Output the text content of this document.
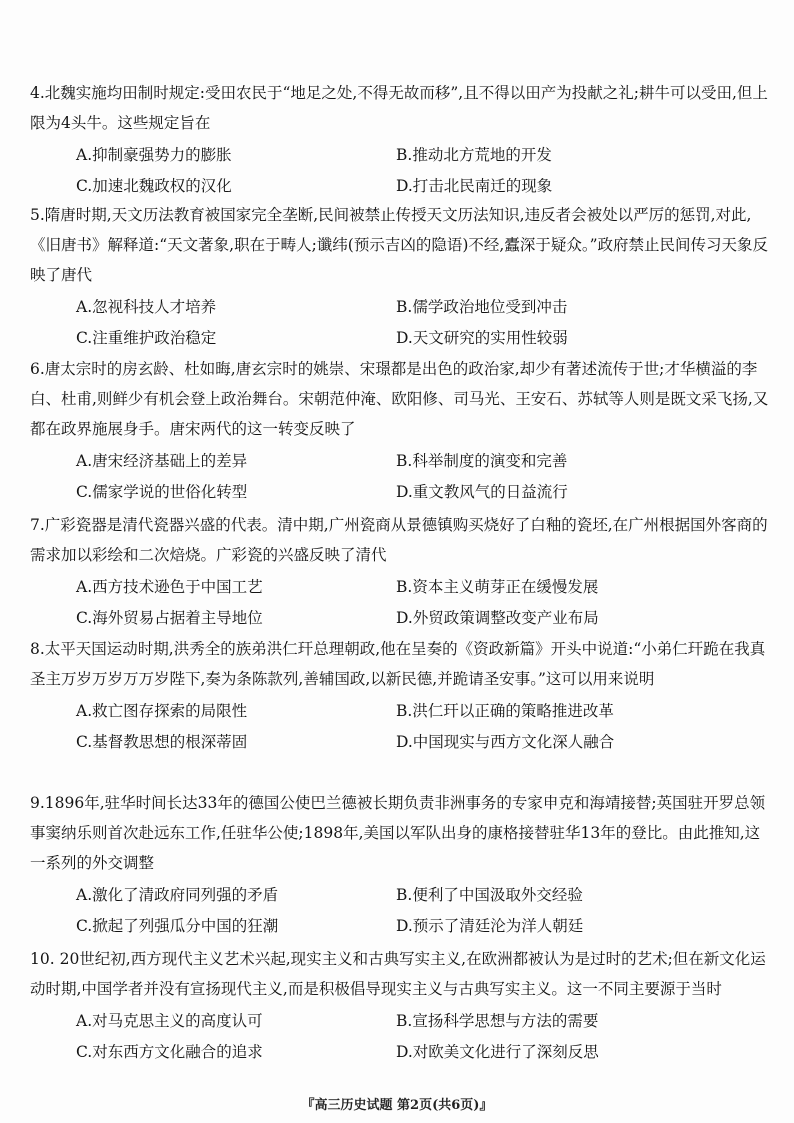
4.北魏实施均田制时规定:受田农民于“地足之处,不得无故而移”,且不得以田产为投献之礼;耕牛可以受田,但上限为4头牛。这些规定旨在

A.抑制豪强势力的膨胀	B.推动北方荒地的开发
C.加速北魏政权的汉化	D.打击北民南迁的现象

5.隋唐时期,天文历法教育被国家完全垄断,民间被禁止传授天文历法知识,违反者会被处以严厉的惩罚,对此,《旧唐书》解释道:“天文著象,职在于畴人;谶纬(预示吉凶的隐语)不经,蠹深于疑众。”政府禁止民间传习天象反映了唐代

A.忽视科技人才培养	B.儒学政治地位受到冲击
C.注重维护政治稳定	D.天文研究的实用性较弱

6.唐太宗时的房玄龄、杜如晦,唐玄宗时的姚崇、宋璟都是出色的政治家,却少有著述流传于世;才华横溢的李白、杜甫,则鲜少有机会登上政治舞台。宋朝范仲淹、欧阳修、司马光、王安石、苏轼等人则是既文采飞扬,又都在政界施展身手。唐宋两代的这一转变反映了

A.唐宋经济基础上的差异	B.科举制度的演变和完善
C.儒家学说的世俗化转型	D.重文教风气的日益流行

7.广彩瓷器是清代瓷器兴盛的代表。清中期,广州瓷商从景德镇购买烧好了白釉的瓷坯,在广州根据国外客商的需求加以彩绘和二次焙烧。广彩瓷的兴盛反映了清代

A.西方技术逊色于中国工艺	B.资本主义萌芽正在缓慢发展
C.海外贸易占据着主导地位	D.外贸政策调整改变产业布局

8.太平天国运动时期,洪秀全的族弟洪仁玕总理朝政,他在呈奏的《资政新篇》开头中说道:“小弟仁玕跪在我真圣主万岁万岁万万岁陛下,奏为条陈款列,善辅国政,以新民德,并跪请圣安事。”这可以用来说明

A.救亡图存探索的局限性	B.洪仁玕以正确的策略推进改革
C.基督教思想的根深蒂固	D.中国现实与西方文化深人融合

9.1896年,驻华时间长达33年的德国公使巴兰德被长期负责非洲事务的专家申克和海靖接替;英国驻开罗总领事窦纳乐则首次赴远东工作,任驻华公使;1898年,美国以军队出身的康格接替驻华13年的登比。由此推知,这一系列的外交调整

A.激化了清政府同列强的矛盾	B.便利了中国汲取外交经验
C.掀起了列强瓜分中国的狂潮	D.预示了清廷沦为洋人朝廷

10. 20世纪初,西方现代主义艺术兴起,现实主义和古典写实主义,在欧洲都被认为是过时的艺术;但在新文化运动时期,中国学者并没有宣扬现代主义,而是积极倡导现实主义与古典写实主义。这一不同主要源于当时

A.对马克思主义的高度认可	B.宣扬科学思想与方法的需要
C.对东西方文化融合的追求	D.对欧美文化进行了深刻反思
『高三历史试题 第2页(共6页)』
